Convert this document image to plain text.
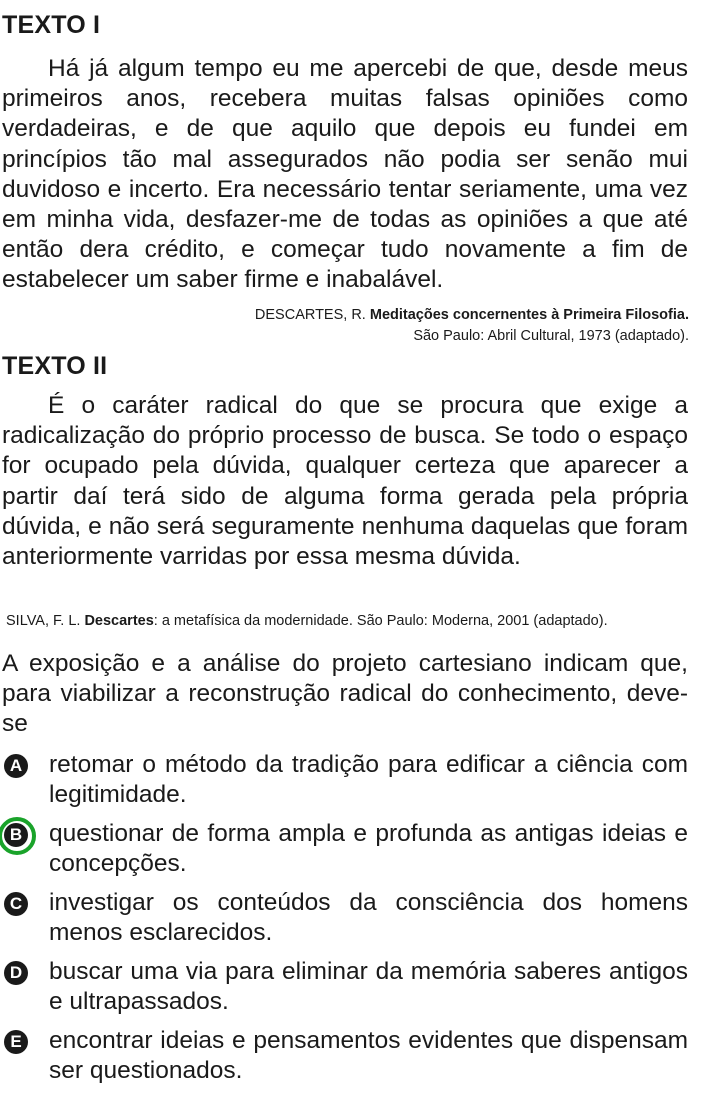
TEXTO I
Há já algum tempo eu me apercebi de que, desde meus primeiros anos, recebera muitas falsas opiniões como verdadeiras, e de que aquilo que depois eu fundei em princípios tão mal assegurados não podia ser senão mui duvidoso e incerto. Era necessário tentar seriamente, uma vez em minha vida, desfazer-me de todas as opiniões a que até então dera crédito, e começar tudo novamente a fim de estabelecer um saber firme e inabalável.
DESCARTES, R. Meditações concernentes à Primeira Filosofia.
São Paulo: Abril Cultural, 1973 (adaptado).
TEXTO II
É o caráter radical do que se procura que exige a radicalização do próprio processo de busca. Se todo o espaço for ocupado pela dúvida, qualquer certeza que aparecer a partir daí terá sido de alguma forma gerada pela própria dúvida, e não será seguramente nenhuma daquelas que foram anteriormente varridas por essa mesma dúvida.
SILVA, F. L. Descartes: a metafísica da modernidade. São Paulo: Moderna, 2001 (adaptado).
A exposição e a análise do projeto cartesiano indicam que, para viabilizar a reconstrução radical do conhecimento, deve-se
A retomar o método da tradição para edificar a ciência com legitimidade.
B questionar de forma ampla e profunda as antigas ideias e concepções.
C investigar os conteúdos da consciência dos homens menos esclarecidos.
D buscar uma via para eliminar da memória saberes antigos e ultrapassados.
E encontrar ideias e pensamentos evidentes que dispensam ser questionados.
